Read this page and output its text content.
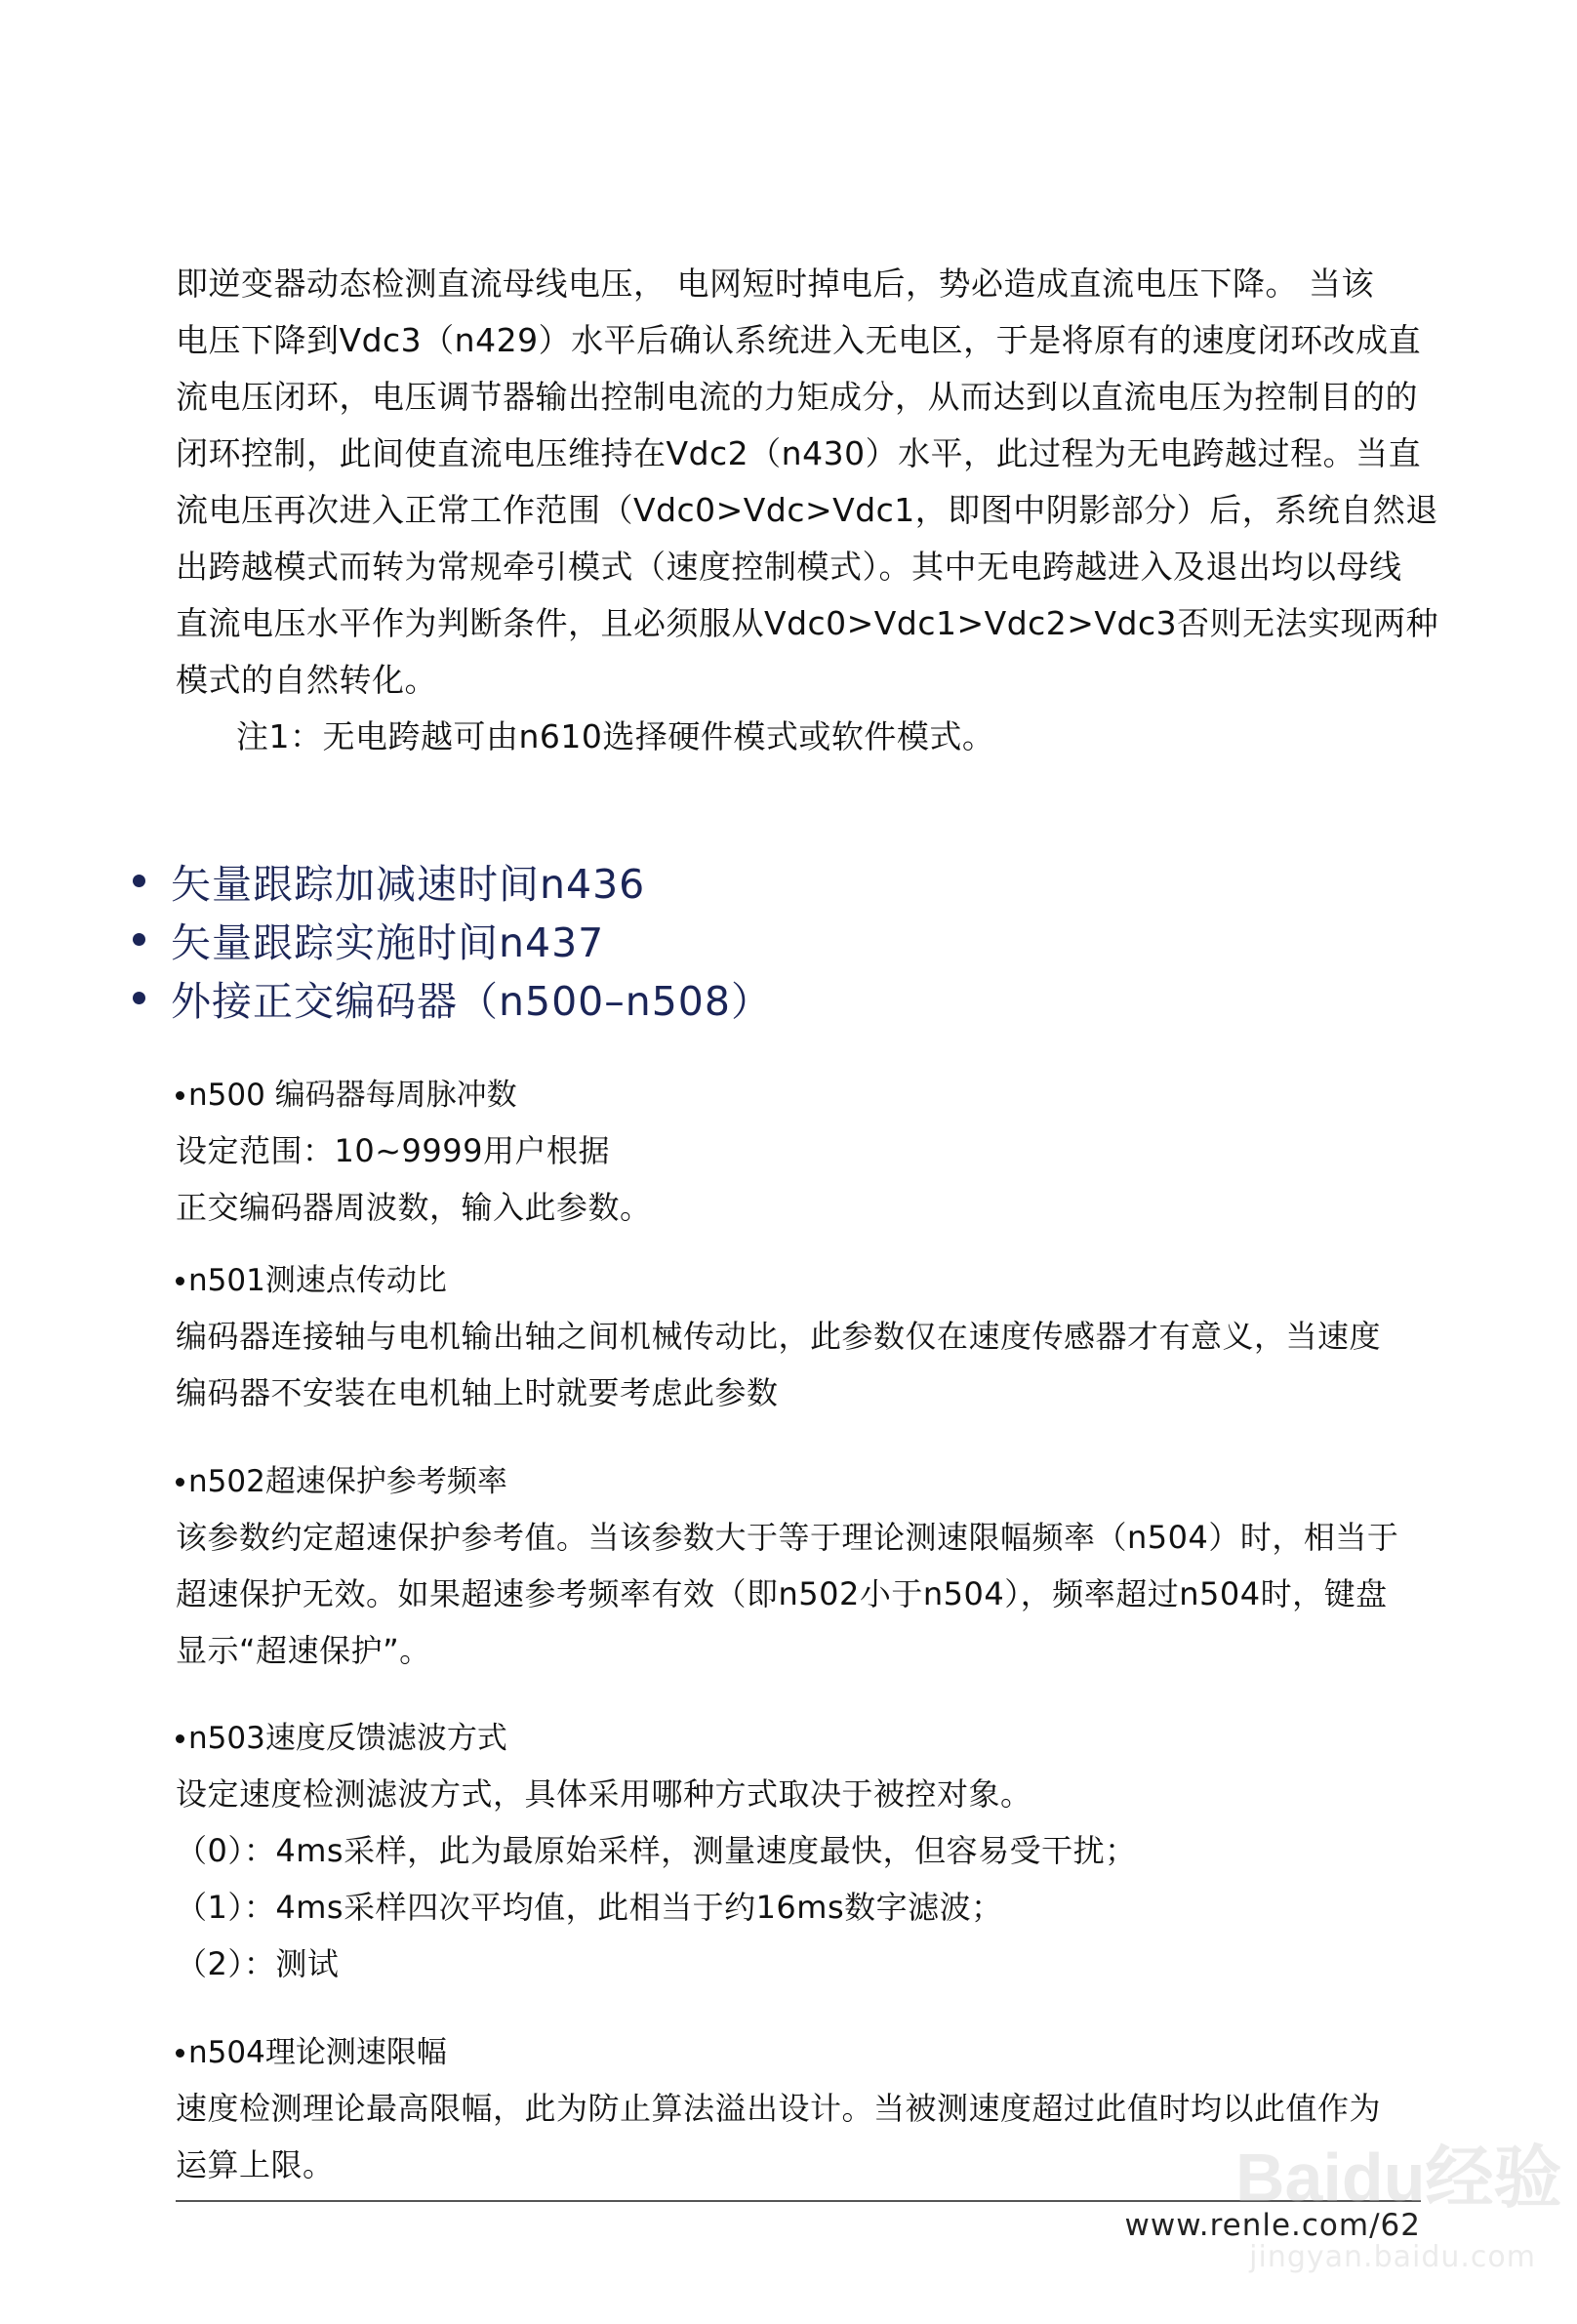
即逆变器动态检测直流母线电压， 电网短时掉电后，势必造成直流电压下降。 当该
电压下降到Vdc3（n429）水平后确认系统进入无电区，于是将原有的速度闭环改成直
流电压闭环，电压调节器输出控制电流的力矩成分，从而达到以直流电压为控制目的的
闭环控制，此间使直流电压维持在Vdc2（n430）水平，此过程为无电跨越过程。当直
流电压再次进入正常工作范围（Vdc0>Vdc>Vdc1，即图中阴影部分）后，系统自然退
出跨越模式而转为常规牵引模式（速度控制模式）。其中无电跨越进入及退出均以母线
直流电压水平作为判断条件，且必须服从Vdc0>Vdc1>Vdc2>Vdc3否则无法实现两种
模式的自然转化。
注1：无电跨越可由n610选择硬件模式或软件模式。

矢量跟踪加减速时间n436
矢量跟踪实施时间n437
外接正交编码器（n500–n508）
n500 编码器每周脉冲数
设定范围：10~9999用户根据
正交编码器周波数，输入此参数。
n501测速点传动比
编码器连接轴与电机输出轴之间机械传动比，此参数仅在速度传感器才有意义，当速度
编码器不安装在电机轴上时就要考虑此参数
n502超速保护参考频率
该参数约定超速保护参考值。当该参数大于等于理论测速限幅频率（n504）时，相当于
超速保护无效。如果超速参考频率有效（即n502小于n504），频率超过n504时，键盘
显示“超速保护”。
n503速度反馈滤波方式
设定速度检测滤波方式，具体采用哪种方式取决于被控对象。
（0）：4ms采样，此为最原始采样，测量速度最快，但容易受干扰；
（1）：4ms采样四次平均值，此相当于约16ms数字滤波；
（2）：测试
n504理论测速限幅
速度检测理论最高限幅，此为防止算法溢出设计。当被测速度超过此值时均以此值作为
运算上限。
www.renle.com/62
Baidu经验
jingyan.baidu.com
